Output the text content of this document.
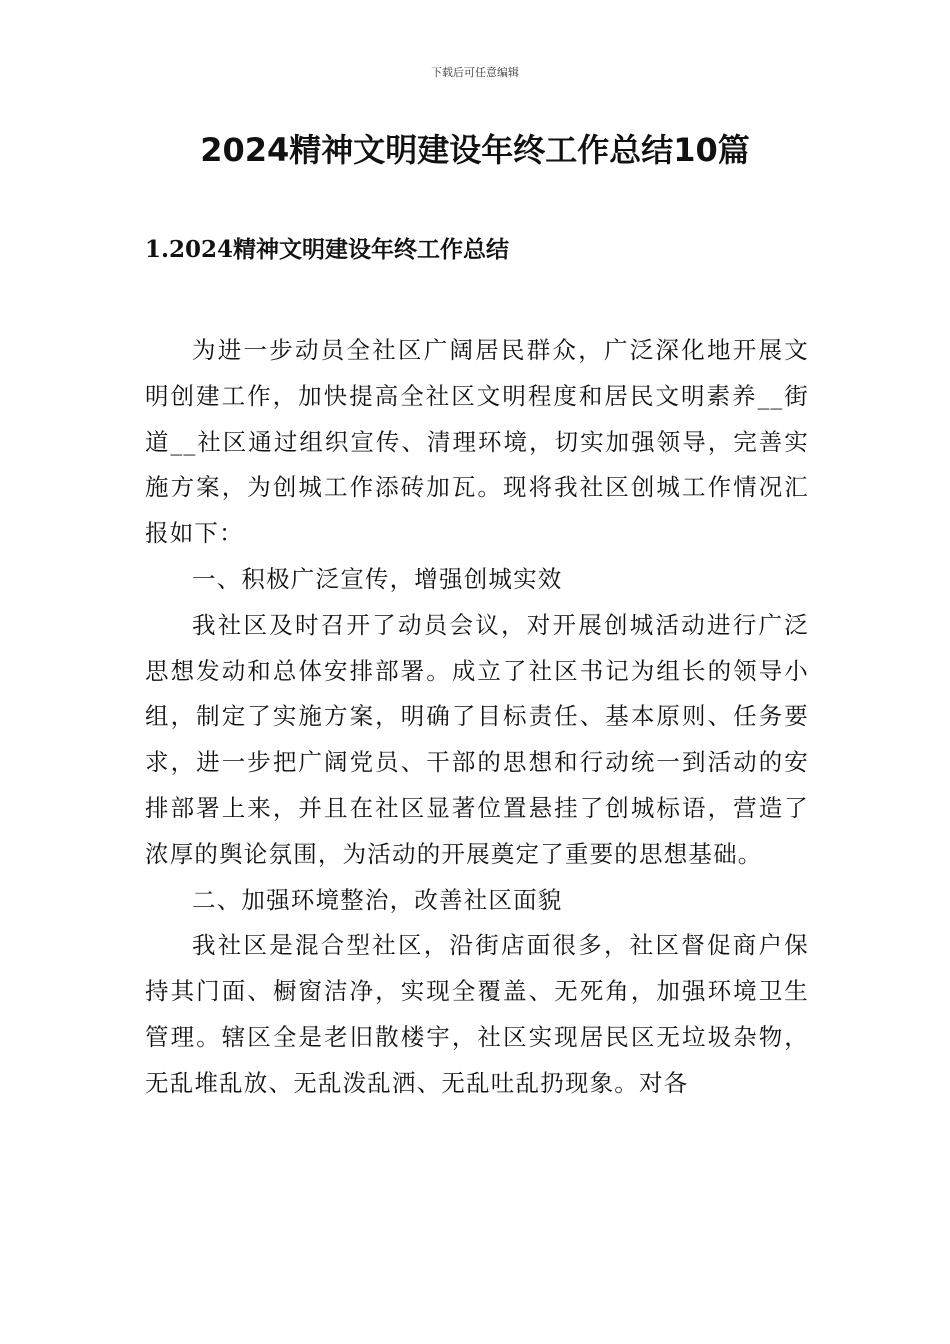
下载后可任意编辑
2024精神文明建设年终工作总结10篇
1.2024精神文明建设年终工作总结

为进一步动员全社区广阔居民群众，广泛深化地开展文明创建工作，加快提高全社区文明程度和居民文明素养__街道__社区通过组织宣传、清理环境，切实加强领导，完善实施方案，为创城工作添砖加瓦。现将我社区创城工作情况汇报如下：

一、积极广泛宣传，增强创城实效

我社区及时召开了动员会议，对开展创城活动进行广泛思想发动和总体安排部署。成立了社区书记为组长的领导小组，制定了实施方案，明确了目标责任、基本原则、任务要求，进一步把广阔党员、干部的思想和行动统一到活动的安排部署上来，并且在社区显著位置悬挂了创城标语，营造了浓厚的舆论氛围，为活动的开展奠定了重要的思想基础。

二、加强环境整治，改善社区面貌

我社区是混合型社区，沿街店面很多，社区督促商户保持其门面、橱窗洁净，实现全覆盖、无死角，加强环境卫生管理。辖区全是老旧散楼宇，社区实现居民区无垃圾杂物，无乱堆乱放、无乱泼乱洒、无乱吐乱扔现象。对各
